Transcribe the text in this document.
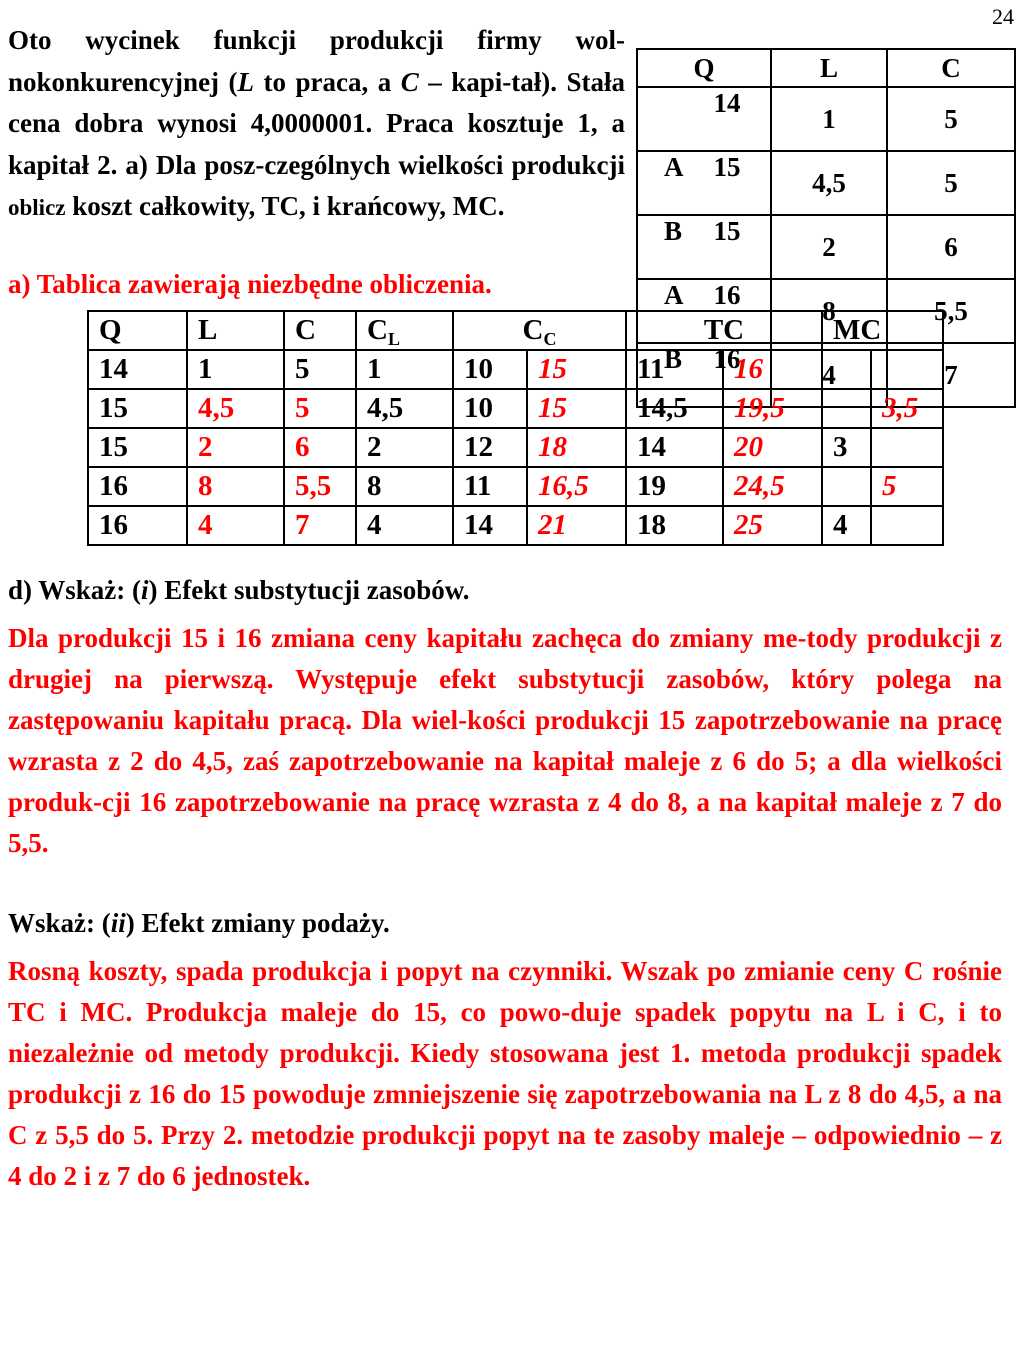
24
Oto wycinek funkcji produkcji firmy wol-nokonkurencyjnej (L to praca, a C – kapi-tał). Stała cena dobra wynosi 4,0000001. Praca kosztuje 1, a kapitał 2. a) Dla posz-czególnych wielkości produkcji oblicz koszt całkowity, TC, i krańcowy, MC.
a) Tablica zawierają niezbędne obliczenia.
Q	L	C
14	1	5
A 15	4,5	5
B 15	2	6
A 16	8	5,5
B 16	4	7
Q	L	C	$C_L$	$C_C$		TC		MC	
14	1	5	1	10	15	11	16		
15	4,5	5	4,5	10	15	14,5	19,5		3,5
15	2	6	2	12	18	14	20	3	
16	8	5,5	8	11	16,5	19	24,5		5
16	4	7	4	14	21	18	25	4	
d) Wskaż: (i) Efekt substytucji zasobów.
Dla produkcji 15 i 16 zmiana ceny kapitału zachęca do zmiany me-tody produkcji z drugiej na pierwszą. Występuje efekt substytucji zasobów, który polega na zastępowaniu kapitału pracą. Dla wiel-kości produkcji 15 zapotrzebowanie na pracę wzrasta z 2 do 4,5, zaś zapotrzebowanie na kapitał maleje z 6 do 5; a dla wielkości produk-cji 16 zapotrzebowanie na pracę wzrasta z 4 do 8, a na kapitał maleje z 7 do 5,5.
Wskaż: (ii) Efekt zmiany podaży.
Rosną koszty, spada produkcja i popyt na czynniki. Wszak po zmianie ceny C rośnie TC i MC. Produkcja maleje do 15, co powo-duje spadek popytu na L i C, i to niezależnie od metody produkcji. Kiedy stosowana jest 1. metoda produkcji spadek produkcji z 16 do 15 powoduje zmniejszenie się zapotrzebowania na L z 8 do 4,5, a na C z 5,5 do 5. Przy 2. metodzie produkcji popyt na te zasoby maleje – odpowiednio – z 4 do 2 i z 7 do 6 jednostek.
